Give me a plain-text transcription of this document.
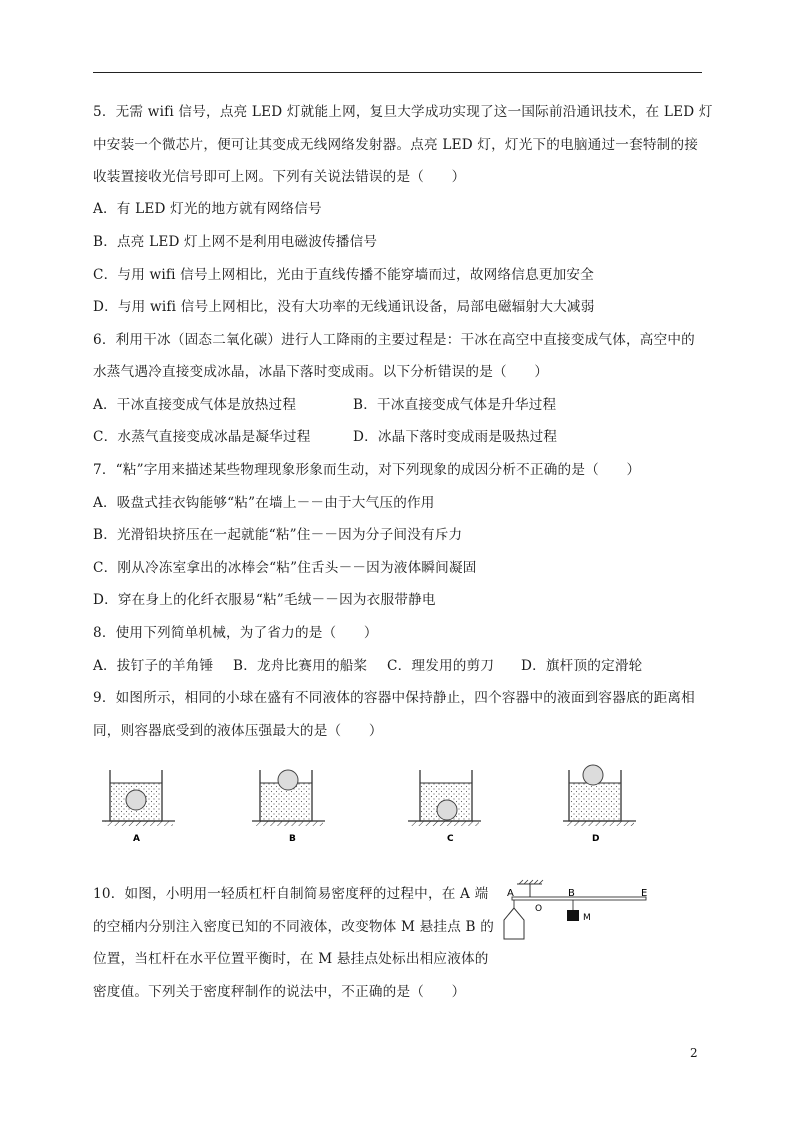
5．无需 wifi 信号，点亮 LED 灯就能上网，复旦大学成功实现了这一国际前沿通讯技术，在 LED 灯
中安装一个微芯片，便可让其变成无线网络发射器。点亮 LED 灯，灯光下的电脑通过一套特制的接
收装置接收光信号即可上网。下列有关说法错误的是（　　）
A．有 LED 灯光的地方就有网络信号
B．点亮 LED 灯上网不是利用电磁波传播信号
C．与用 wifi 信号上网相比，光由于直线传播不能穿墙而过，故网络信息更加安全
D．与用 wifi 信号上网相比，没有大功率的无线通讯设备，局部电磁辐射大大减弱
6．利用干冰（固态二氧化碳）进行人工降雨的主要过程是：干冰在高空中直接变成气体，高空中的
水蒸气遇冷直接变成冰晶，冰晶下落时变成雨。以下分析错误的是（　　）
A．干冰直接变成气体是放热过程	B．干冰直接变成气体是升华过程
C．水蒸气直接变成冰晶是凝华过程	D．冰晶下落时变成雨是吸热过程
7．“粘”字用来描述某些物理现象形象而生动，对下列现象的成因分析不正确的是（　　）
A．吸盘式挂衣钩能够“粘”在墙上－－由于大气压的作用
B．光滑铅块挤压在一起就能“粘”住－－因为分子间没有斥力
C．刚从冷冻室拿出的冰棒会“粘”住舌头－－因为液体瞬间凝固
D．穿在身上的化纤衣服易“粘”毛绒－－因为衣服带静电
8．使用下列简单机械，为了省力的是（　　）
A．拔钉子的羊角锤 B．龙舟比赛用的船桨 C．理发用的剪刀 D．旗杆顶的定滑轮
9．如图所示，相同的小球在盛有不同液体的容器中保持静止，四个容器中的液面到容器底的距离相
同，则容器底受到的液体压强最大的是（　　）
A	B	C	D
A
O
B	E
M
10．如图，小明用一轻质杠杆自制简易密度秤的过程中，在 A 端
的空桶内分别注入密度已知的不同液体，改变物体 M 悬挂点 B 的
位置，当杠杆在水平位置平衡时，在 M 悬挂点处标出相应液体的
密度值。下列关于密度秤制作的说法中，不正确的是（　　）
2
